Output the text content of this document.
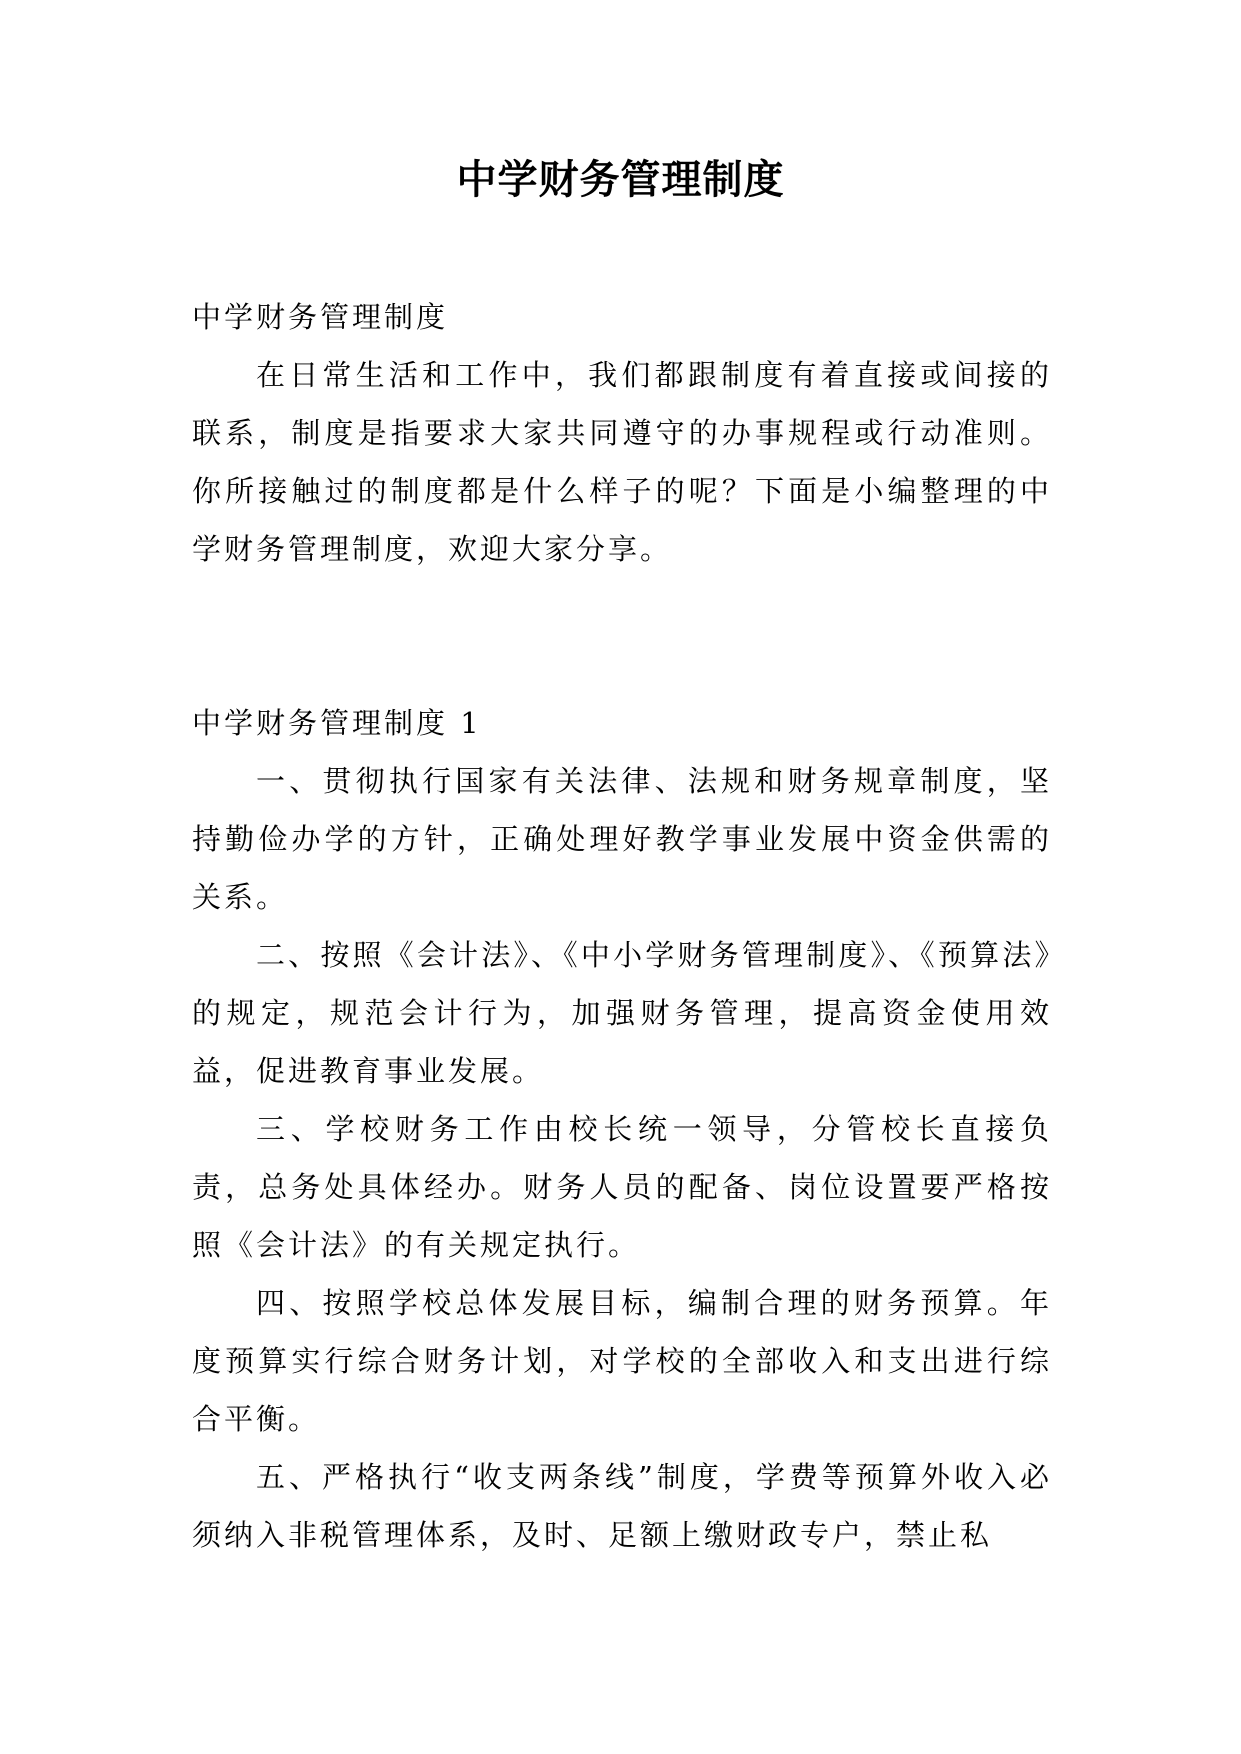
中学财务管理制度

中学财务管理制度

在日常生活和工作中，我们都跟制度有着直接或间接的联系，制度是指要求大家共同遵守的办事规程或行动准则。你所接触过的制度都是什么样子的呢？下面是小编整理的中学财务管理制度，欢迎大家分享。

中学财务管理制度 1

一、贯彻执行国家有关法律、法规和财务规章制度，坚持勤俭办学的方针，正确处理好教学事业发展中资金供需的关系。

二、按照《会计法》、《中小学财务管理制度》、《预算法》的规定，规范会计行为，加强财务管理，提高资金使用效益，促进教育事业发展。

三、学校财务工作由校长统一领导，分管校长直接负责，总务处具体经办。财务人员的配备、岗位设置要严格按照《会计法》的有关规定执行。

四、按照学校总体发展目标，编制合理的财务预算。年度预算实行综合财务计划，对学校的全部收入和支出进行综合平衡。

五、严格执行“收支两条线”制度，学费等预算外收入必须纳入非税管理体系，及时、足额上缴财政专户，禁止私
